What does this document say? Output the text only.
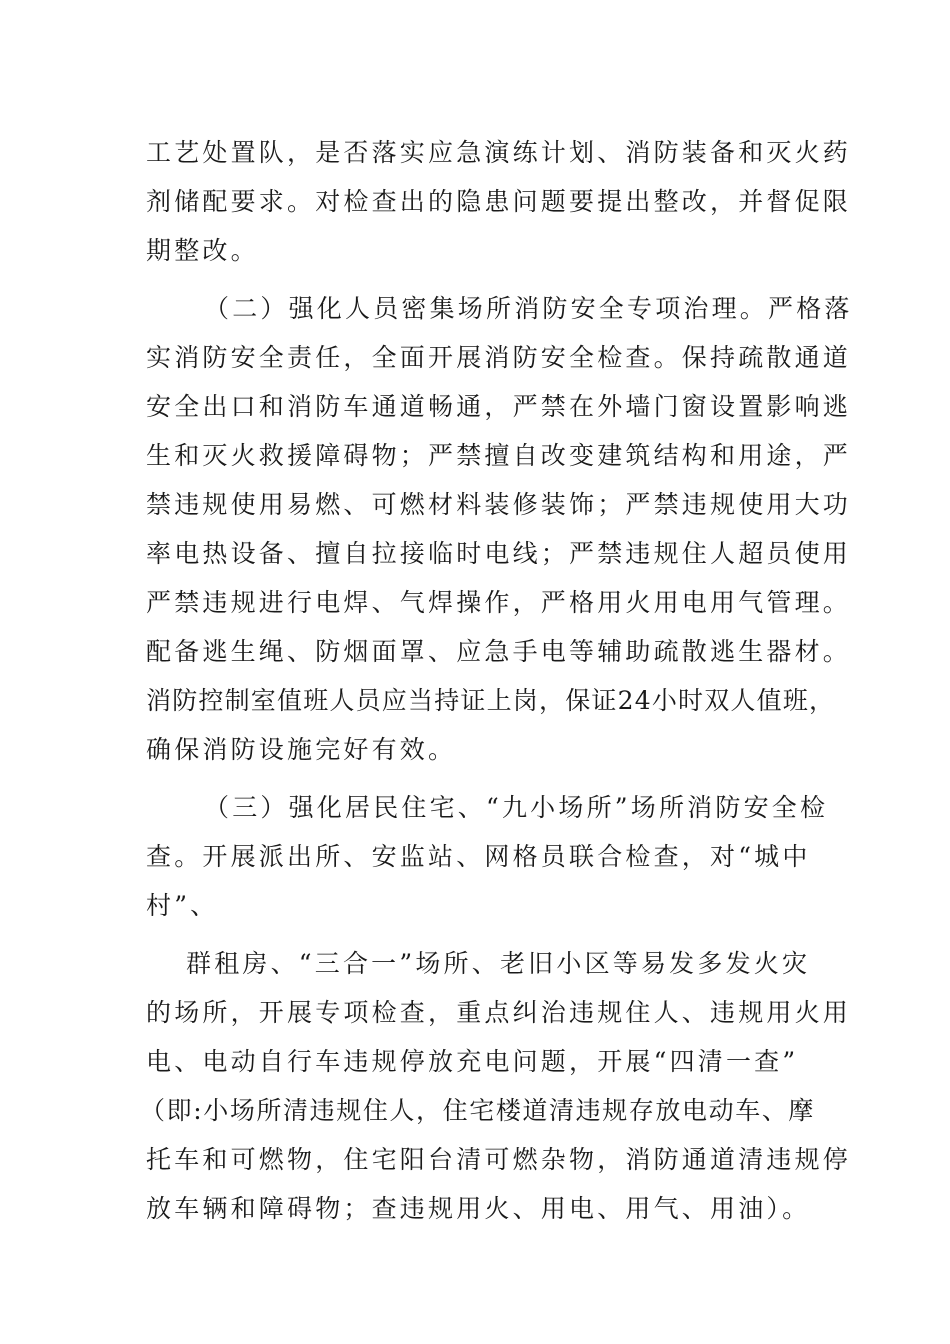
工艺处置队，是否落实应急演练计划、消防装备和灭火药

剂储配要求。对检查出的隐患问题要提出整改，并督促限

期整改。

（二）强化人员密集场所消防安全专项治理。严格落

实消防安全责任，全面开展消防安全检查。保持疏散通道

安全出口和消防车通道畅通，严禁在外墙门窗设置影响逃

生和灭火救援障碍物；严禁擅自改变建筑结构和用途，严

禁违规使用易燃、可燃材料装修装饰；严禁违规使用大功

率电热设备、擅自拉接临时电线；严禁违规住人超员使用

严禁违规进行电焊、气焊操作，严格用火用电用气管理。

配备逃生绳、防烟面罩、应急手电等辅助疏散逃生器材。

消防控制室值班人员应当持证上岗，保证24小时双人值班，

确保消防设施完好有效。

（三）强化居民住宅、“九小场所”场所消防安全检

查。开展派出所、安监站、网格员联合检查，对“城中

村”、

群租房、“三合一”场所、老旧小区等易发多发火灾

的场所，开展专项检查，重点纠治违规住人、违规用火用

电、电动自行车违规停放充电问题，开展“四清一查”

（即:小场所清违规住人，住宅楼道清违规存放电动车、摩

托车和可燃物，住宅阳台清可燃杂物，消防通道清违规停

放车辆和障碍物；查违规用火、用电、用气、用油）。
